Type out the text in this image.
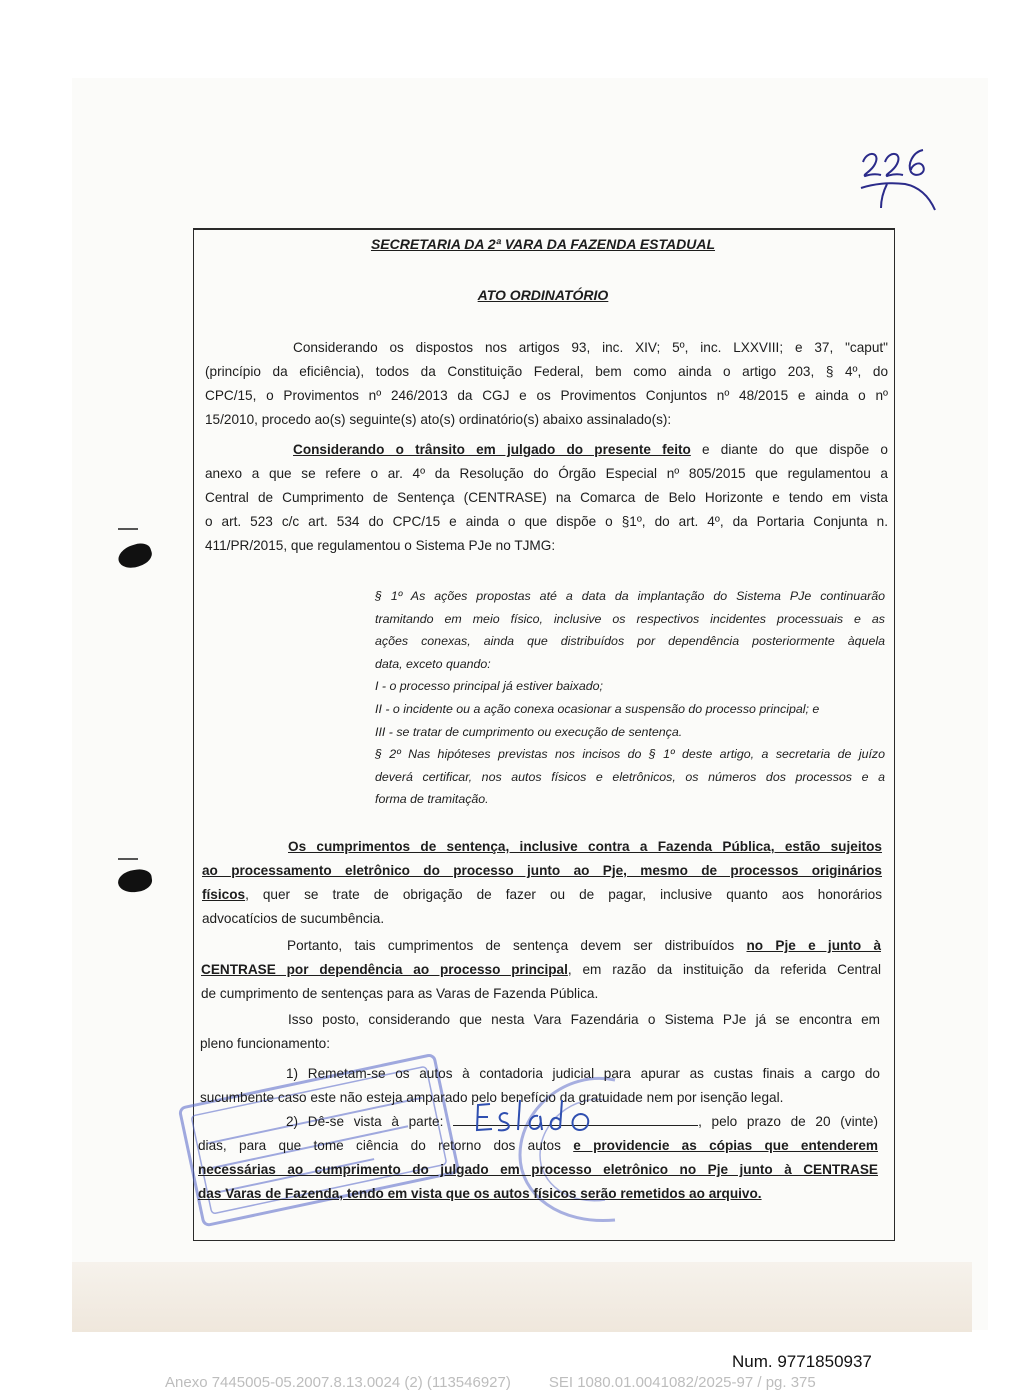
SECRETARIA DA 2ª VARA DA FAZENDA ESTADUAL
ATO ORDINATÓRIO
Considerando os dispostos nos artigos 93, inc. XIV; 5º, inc. LXXVIII; e 37, "caput"
(princípio da eficiência), todos da Constituição Federal, bem como ainda o artigo 203, § 4º, do
CPC/15, o Provimentos nº 246/2013 da CGJ e os Provimentos Conjuntos nº 48/2015 e ainda o nº
15/2010, procedo ao(s) seguinte(s) ato(s) ordinatório(s) abaixo assinalado(s):
Considerando o trânsito em julgado do presente feito e diante do que dispõe o
anexo a que se refere o ar. 4º da Resolução do Órgão Especial nº 805/2015 que regulamentou a
Central de Cumprimento de Sentença (CENTRASE) na Comarca de Belo Horizonte e tendo em vista
o art. 523 c/c art. 534 do CPC/15 e ainda o que dispõe o §1º, do art. 4º, da Portaria Conjunta n.
411/PR/2015, que regulamentou o Sistema PJe no TJMG:
§ 1º As ações propostas até a data da implantação do Sistema PJe continuarão
tramitando em meio físico, inclusive os respectivos incidentes processuais e as
ações conexas, ainda que distribuídos por dependência posteriormente àquela
data, exceto quando:
I - o processo principal já estiver baixado;
II - o incidente ou a ação conexa ocasionar a suspensão do processo principal; e
III - se tratar de cumprimento ou execução de sentença.
§ 2º Nas hipóteses previstas nos incisos do § 1º deste artigo, a secretaria de juízo
deverá certificar, nos autos físicos e eletrônicos, os números dos processos e a
forma de tramitação.
Os cumprimentos de sentença, inclusive contra a Fazenda Pública, estão sujeitos
ao processamento eletrônico do processo junto ao Pje, mesmo de processos originários
físicos, quer se trate de obrigação de fazer ou de pagar, inclusive quanto aos honorários
advocatícios de sucumbência.
Portanto, tais cumprimentos de sentença devem ser distribuídos no Pje e junto à
CENTRASE por dependência ao processo principal, em razão da instituição da referida Central
de cumprimento de sentenças para as Varas de Fazenda Pública.
Isso posto, considerando que nesta Vara Fazendária o Sistema PJe já se encontra em
pleno funcionamento:
1) Remetam-se os autos à contadoria judicial para apurar as custas finais a cargo do
sucumbente caso este não esteja amparado pelo benefício da gratuidade nem por isenção legal.
2) Dê-se vista à parte:	, pelo prazo de 20 (vinte)
dias, para que tome ciência do retorno dos autos e providencie as cópias que entenderem
necessárias ao cumprimento do julgado em processo eletrônico no Pje junto à CENTRASE
das Varas de Fazenda, tendo em vista que os autos físicos serão remetidos ao arquivo.
Num. 9771850937
Anexo 7445005-05.2007.8.13.0024 (2) (113546927)	SEI 1080.01.0041082/2025-97 / pg. 375
